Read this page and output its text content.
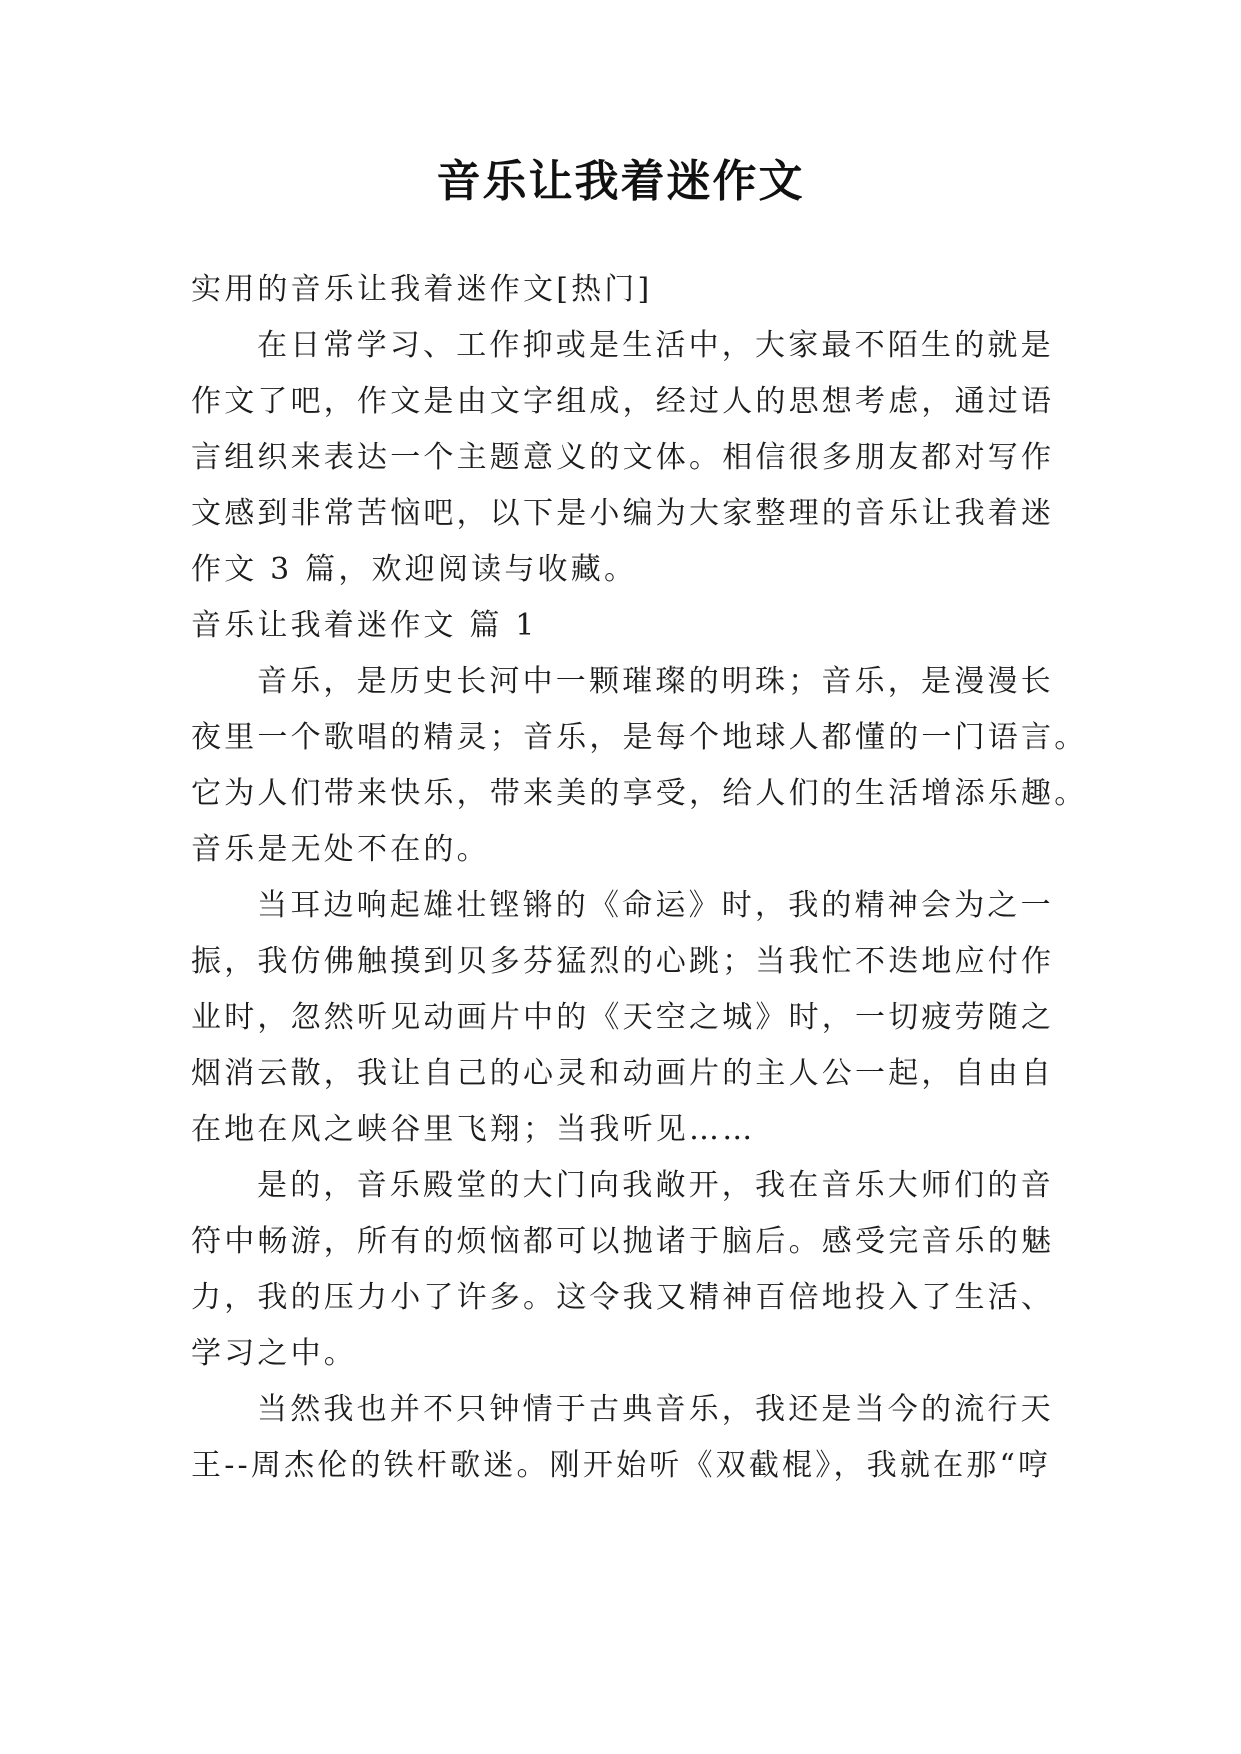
音乐让我着迷作文

实用的音乐让我着迷作文[热门]

在日常学习、工作抑或是生活中，大家最不陌生的就是

作文了吧，作文是由文字组成，经过人的思想考虑，通过语

言组织来表达一个主题意义的文体。相信很多朋友都对写作

文感到非常苦恼吧，以下是小编为大家整理的音乐让我着迷

作文 3 篇，欢迎阅读与收藏。

音乐让我着迷作文 篇 1

音乐，是历史长河中一颗璀璨的明珠；音乐，是漫漫长

夜里一个歌唱的精灵；音乐，是每个地球人都懂的一门语言。

它为人们带来快乐，带来美的享受，给人们的生活增添乐趣。

音乐是无处不在的。

当耳边响起雄壮铿锵的《命运》时，我的精神会为之一

振，我仿佛触摸到贝多芬猛烈的心跳；当我忙不迭地应付作

业时，忽然听见动画片中的《天空之城》时，一切疲劳随之

烟消云散，我让自己的心灵和动画片的主人公一起，自由自

在地在风之峡谷里飞翔；当我听见……

是的，音乐殿堂的大门向我敞开，我在音乐大师们的音

符中畅游，所有的烦恼都可以抛诸于脑后。感受完音乐的魅

力，我的压力小了许多。这令我又精神百倍地投入了生活、

学习之中。

当然我也并不只钟情于古典音乐，我还是当今的流行天

王--周杰伦的铁杆歌迷。刚开始听《双截棍》，我就在那“哼
